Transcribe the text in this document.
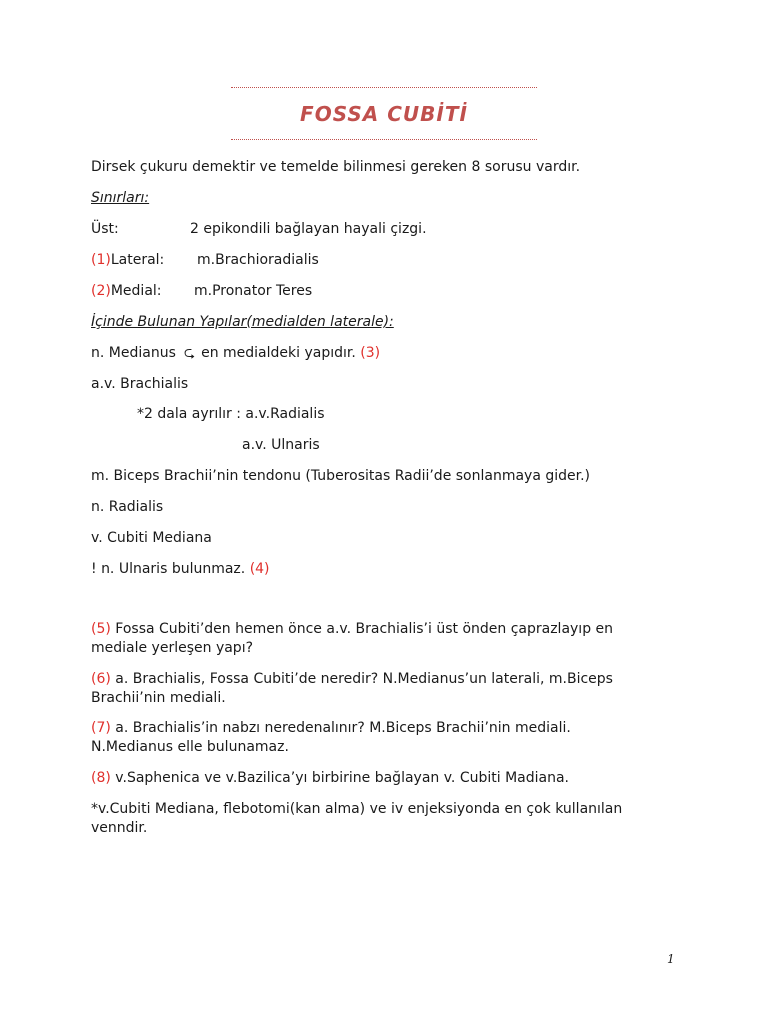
FOSSA CUBİTİ

Dirsek çukuru demektir ve temelde bilinmesi gereken 8 sorusu vardır.

Sınırları:

Üst:	2 epikondili bağlayan hayali çizgi.

(1)Lateral: m.Brachioradialis

(2)Medial: m.Pronator Teres

İçinde Bulunan Yapılar(medialden laterale):

n. Medianus ⮎ en medialdeki yapıdır. (3)

a.v. Brachialis

*2 dala ayrılır : a.v.Radialis

a.v. Ulnaris

m. Biceps Brachii’nin tendonu (Tuberositas Radii’de sonlanmaya gider.)

n. Radialis

v. Cubiti Mediana

! n. Ulnaris bulunmaz. (4)

(5) Fossa Cubiti’den hemen önce a.v. Brachialis’i üst önden çaprazlayıp en mediale yerleşen yapı?

(6) a. Brachialis, Fossa Cubiti’de neredir? N.Medianus’un laterali, m.Biceps Brachii’nin mediali.

(7) a. Brachialis’in nabzı neredenalınır? M.Biceps Brachii’nin mediali. N.Medianus elle bulunamaz.

(8) v.Saphenica ve v.Bazilica’yı birbirine bağlayan v. Cubiti Madiana.

*v.Cubiti Mediana, flebotomi(kan alma) ve iv enjeksiyonda en çok kullanılan venndir.

1
